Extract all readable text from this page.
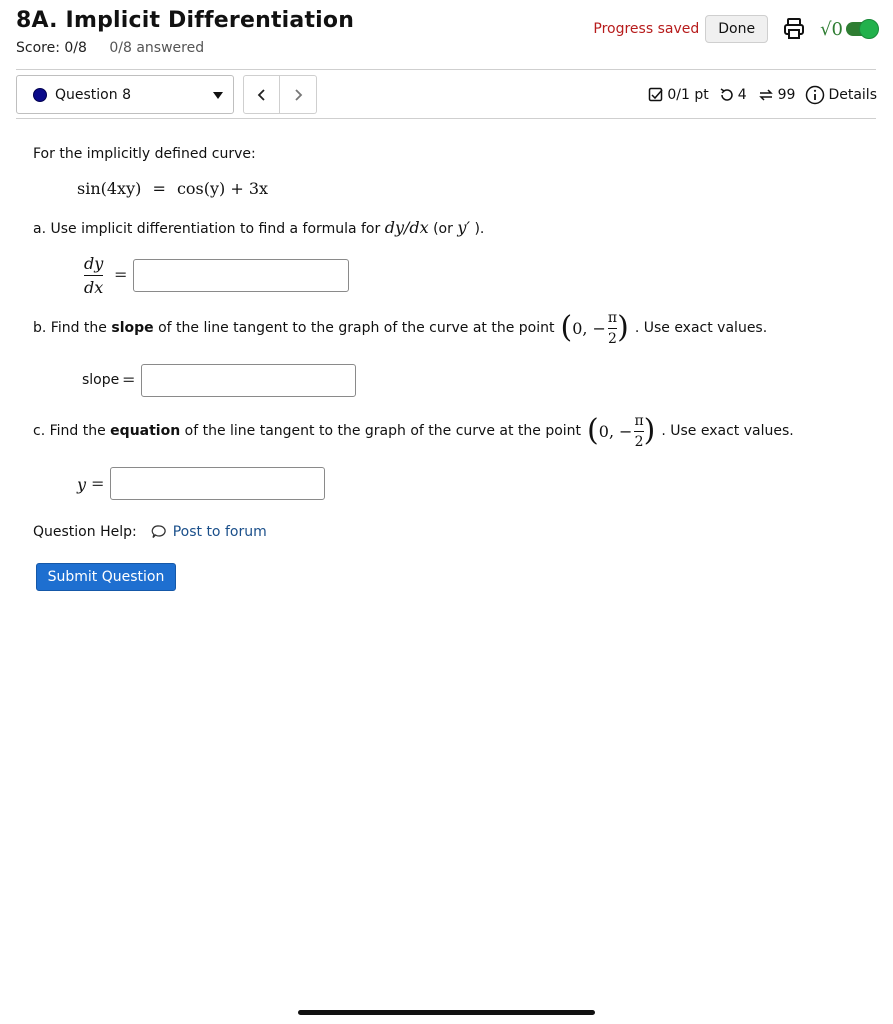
8A. Implicit Differentiation
Score: 0/8 0/8 answered
Progress saved	Done	√0
Question 8	0/1 pt 4 99 Details
For the implicitly defined curve:
sin(4xy) = cos(y) + 3x
a. Use implicit differentiation to find a formula for dy/dx (or y′ ).
$\frac{dy}{dx}$ =
b. Find the slope of the line tangent to the graph of the curve at the point ( 0, − $\frac{\pi}{2}$ ) . Use exact values.
slope =
c. Find the equation of the line tangent to the graph of the curve at the point ( 0, − $\frac{\pi}{2}$ ) . Use exact values.
y =
Question Help:	Post to forum
Submit Question
